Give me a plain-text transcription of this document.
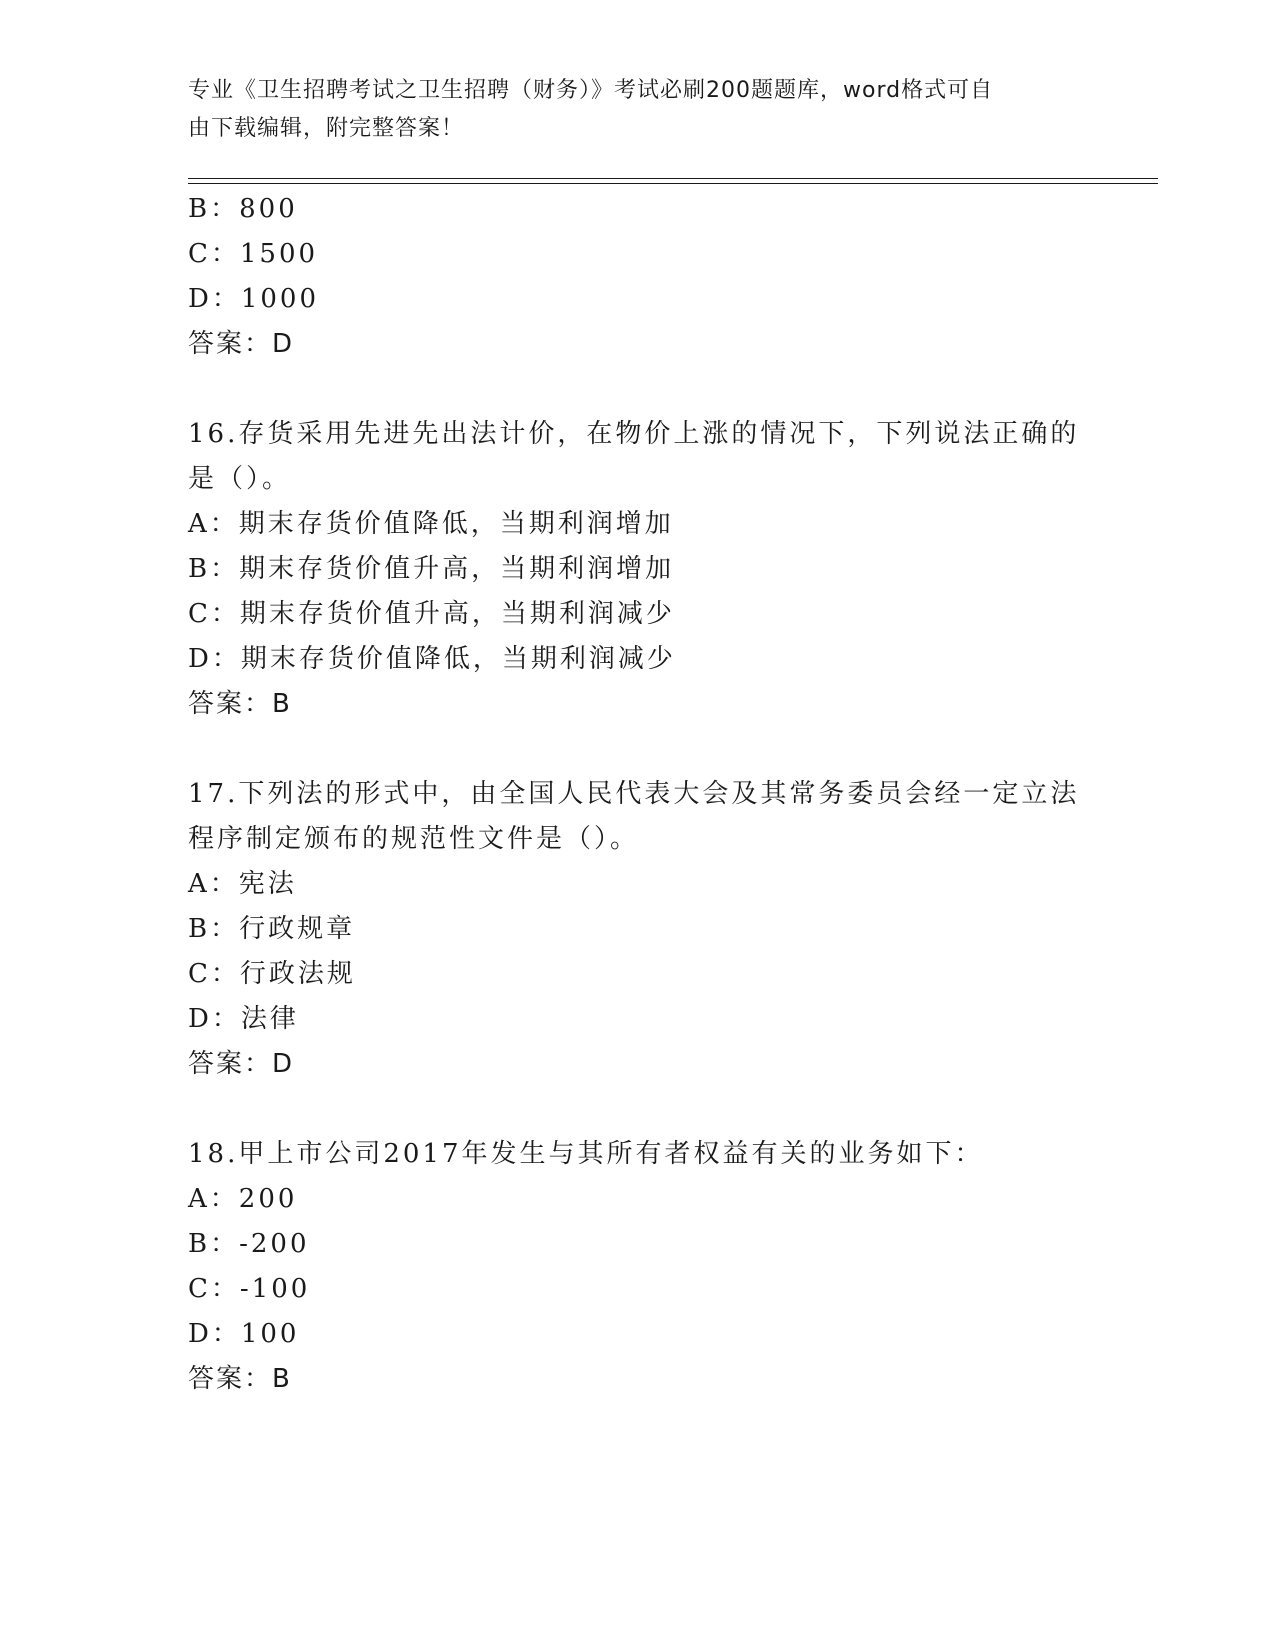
专业《卫生招聘考试之卫生招聘（财务）》考试必刷200题题库，word格式可自
由下载编辑，附完整答案！
B：800
C：1500
D：1000
答案：D
16.存货采用先进先出法计价，在物价上涨的情况下，下列说法正确的
是（）。
A：期末存货价值降低，当期利润增加
B：期末存货价值升高，当期利润增加
C：期末存货价值升高，当期利润减少
D：期末存货价值降低，当期利润减少
答案：B
17.下列法的形式中，由全国人民代表大会及其常务委员会经一定立法
程序制定颁布的规范性文件是（）。
A：宪法
B：行政规章
C：行政法规
D：法律
答案：D
18.甲上市公司2017年发生与其所有者权益有关的业务如下：
A：200
B：-200
C：-100
D：100
答案：B
